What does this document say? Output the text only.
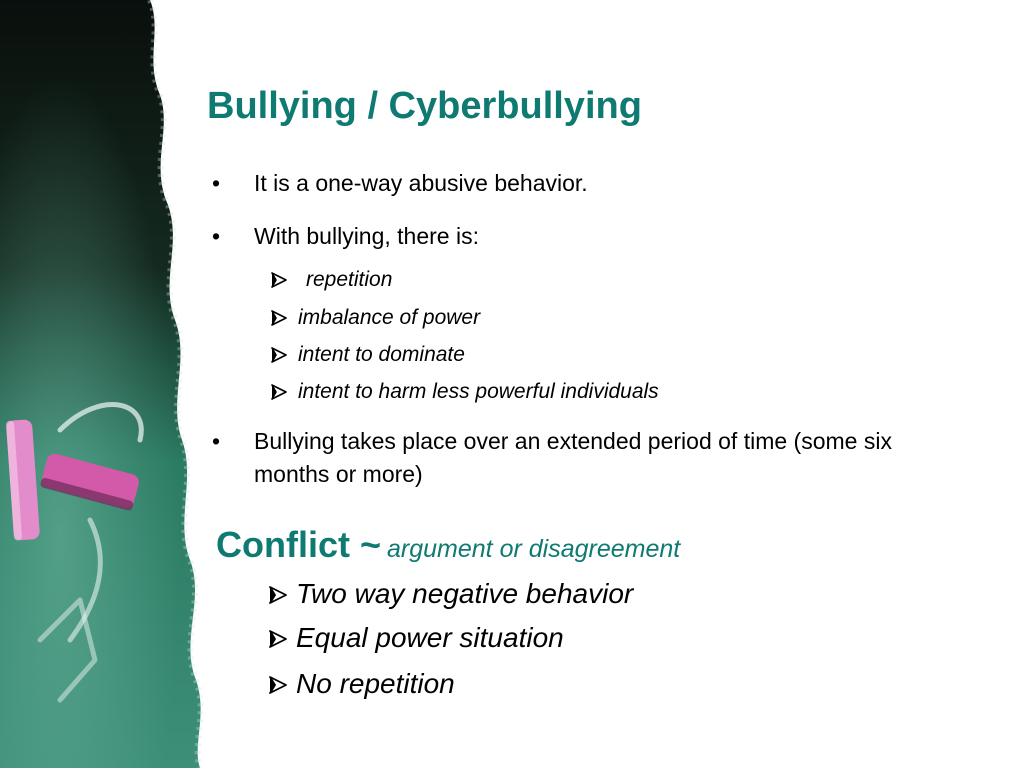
Bullying / Cyberbullying
• It is a one-way abusive behavior.
• With bullying, there is:
repetition
imbalance of power
intent to dominate
intent to harm less powerful individuals
• Bullying takes place over an extended period of time (some six months or more)
Conflict ~ argument or disagreement
Two way negative behavior
Equal power situation
No repetition
